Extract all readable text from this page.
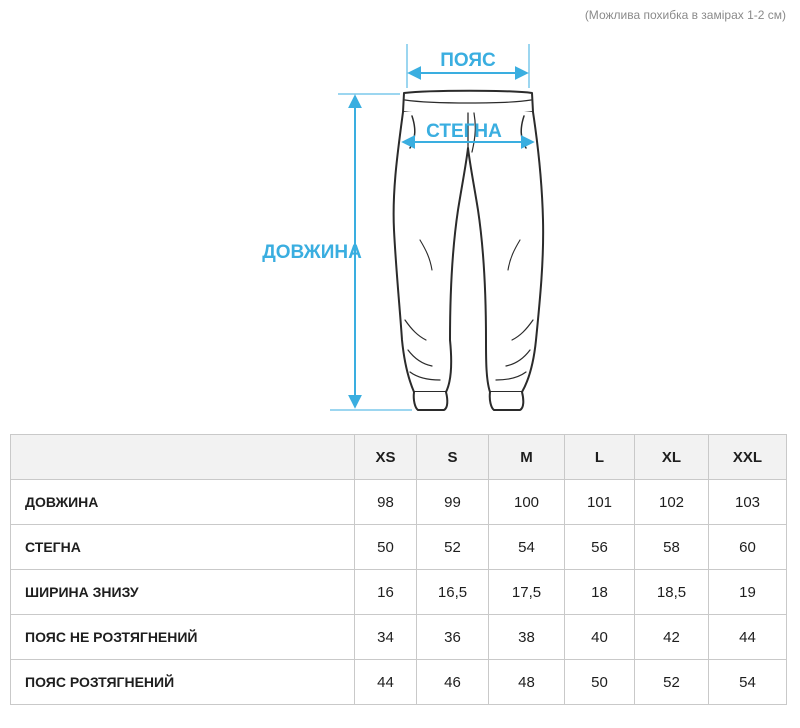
(Можлива похибка в замірах 1-2 см)
ПОЯС
СТЕГНА
ДОВЖИНА
	XS	S	M	L	XL	XXL
ДОВЖИНА	98	99	100	101	102	103
СТЕГНА	50	52	54	56	58	60
ШИРИНА ЗНИЗУ	16	16,5	17,5	18	18,5	19
ПОЯС НЕ РОЗТЯГНЕНИЙ	34	36	38	40	42	44
ПОЯС РОЗТЯГНЕНИЙ	44	46	48	50	52	54
